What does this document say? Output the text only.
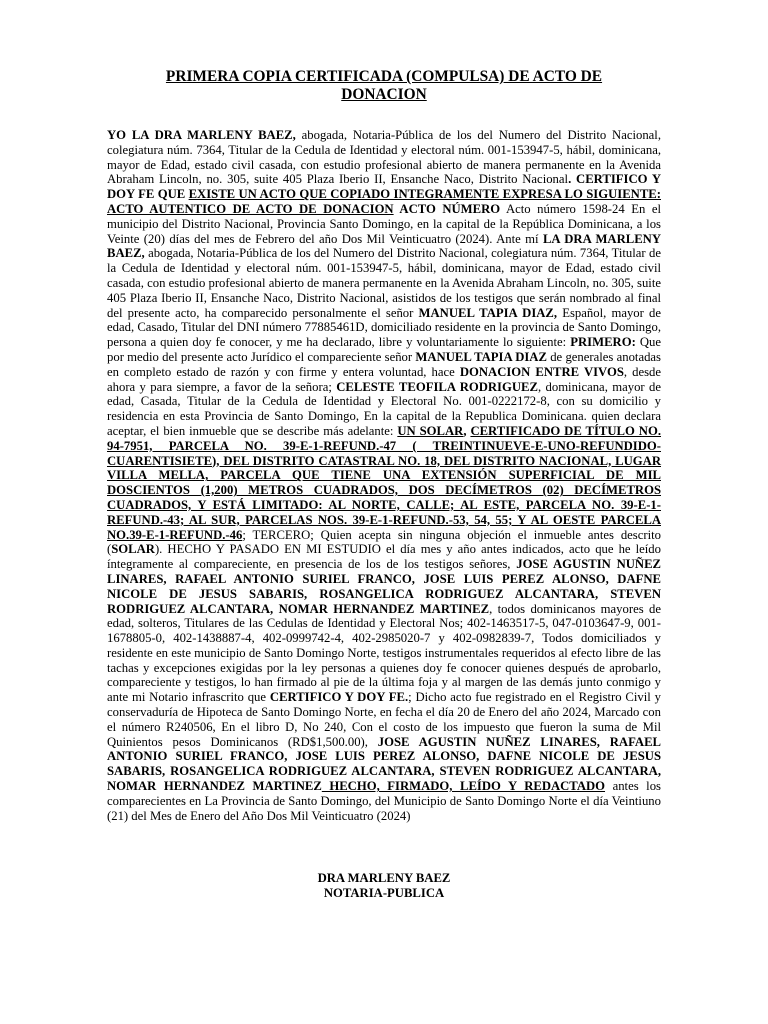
PRIMERA COPIA CERTIFICADA (COMPULSA) DE ACTO DE
DONACION

YO LA DRA MARLENY BAEZ, abogada, Notaria-Pública de los del Numero del Distrito Nacional, colegiatura núm. 7364, Titular de la Cedula de Identidad y electoral núm. 001-153947-5, hábil, dominicana, mayor de Edad, estado civil casada, con estudio profesional abierto de manera permanente en la Avenida Abraham Lincoln, no. 305, suite 405 Plaza Iberio II, Ensanche Naco, Distrito Nacional. CERTIFICO Y DOY FE QUE EXISTE UN ACTO QUE COPIADO INTEGRAMENTE EXPRESA LO SIGUIENTE: ACTO AUTENTICO DE ACTO DE DONACION ACTO NÚMERO Acto número 1598-24 En el municipio del Distrito Nacional, Provincia Santo Domingo, en la capital de la República Dominicana, a los Veinte (20) días del mes de Febrero del año Dos Mil Veinticuatro (2024). Ante mí LA DRA MARLENY BAEZ, abogada, Notaria-Pública de los del Numero del Distrito Nacional, colegiatura núm. 7364, Titular de la Cedula de Identidad y electoral núm. 001-153947-5, hábil, dominicana, mayor de Edad, estado civil casada, con estudio profesional abierto de manera permanente en la Avenida Abraham Lincoln, no. 305, suite 405 Plaza Iberio II, Ensanche Naco, Distrito Nacional, asistidos de los testigos que serán nombrado al final del presente acto, ha comparecido personalmente el señor MANUEL TAPIA DIAZ, Español, mayor de edad, Casado, Titular del DNI número 77885461D, domiciliado residente en la provincia de Santo Domingo, persona a quien doy fe conocer, y me ha declarado, libre y voluntariamente lo siguiente: PRIMERO: Que por medio del presente acto Jurídico el compareciente señor MANUEL TAPIA DIAZ de generales anotadas en completo estado de razón y con firme y entera voluntad, hace DONACION ENTRE VIVOS, desde ahora y para siempre, a favor de la señora; CELESTE TEOFILA RODRIGUEZ, dominicana, mayor de edad, Casada, Titular de la Cedula de Identidad y Electoral No. 001-0222172-8, con su domicilio y residencia en esta Provincia de Santo Domingo, En la capital de la Republica Dominicana. quien declara aceptar, el bien inmueble que se describe más adelante: UN SOLAR, CERTIFICADO DE TÍTULO NO. 94-7951, PARCELA NO. 39-E-1-REFUND.-47 ( TREINTINUEVE-E-UNO-REFUNDIDO-CUARENTISIETE), DEL DISTRITO CATASTRAL NO. 18, DEL DISTRITO NACIONAL, LUGAR VILLA MELLA, PARCELA QUE TIENE UNA EXTENSIÓN SUPERFICIAL DE MIL DOSCIENTOS (1,200) METROS CUADRADOS, DOS DECÍMETROS (02) DECÍMETROS CUADRADOS, Y ESTÁ LIMITADO: AL NORTE, CALLE; AL ESTE, PARCELA NO. 39-E-1-REFUND.-43; AL SUR, PARCELAS NOS. 39-E-1-REFUND.-53, 54, 55; Y AL OESTE PARCELA NO.39-E-1-REFUND.-46; TERCERO; Quien acepta sin ninguna objeción el inmueble antes descrito (SOLAR). HECHO Y PASADO EN MI ESTUDIO el día mes y año antes indicados, acto que he leído íntegramente al compareciente, en presencia de los de los testigos señores, JOSE AGUSTIN NUÑEZ LINARES, RAFAEL ANTONIO SURIEL FRANCO, JOSE LUIS PEREZ ALONSO, DAFNE NICOLE DE JESUS SABARIS, ROSANGELICA RODRIGUEZ ALCANTARA, STEVEN RODRIGUEZ ALCANTARA, NOMAR HERNANDEZ MARTINEZ, todos dominicanos mayores de edad, solteros, Titulares de las Cedulas de Identidad y Electoral Nos; 402-1463517-5, 047-0103647-9, 001-1678805-0, 402-1438887-4, 402-0999742-4, 402-2985020-7 y 402-0982839-7, Todos domiciliados y residente en este municipio de Santo Domingo Norte, testigos instrumentales requeridos al efecto libre de las tachas y excepciones exigidas por la ley personas a quienes doy fe conocer quienes después de aprobarlo, compareciente y testigos, lo han firmado al pie de la última foja y al margen de las demás junto conmigo y ante mi Notario infrascrito que CERTIFICO Y DOY FE.; Dicho acto fue registrado en el Registro Civil y conservaduría de Hipoteca de Santo Domingo Norte, en fecha el día 20 de Enero del año 2024, Marcado con el número R240506, En el libro D, No 240, Con el costo de los impuesto que fueron la suma de Mil Quinientos pesos Dominicanos (RD$1,500.00), JOSE AGUSTIN NUÑEZ LINARES, RAFAEL ANTONIO SURIEL FRANCO, JOSE LUIS PEREZ ALONSO, DAFNE NICOLE DE JESUS SABARIS, ROSANGELICA RODRIGUEZ ALCANTARA, STEVEN RODRIGUEZ ALCANTARA, NOMAR HERNANDEZ MARTINEZ HECHO, FIRMADO, LEÍDO Y REDACTADO antes los comparecientes en La Provincia de Santo Domingo, del Municipio de Santo Domingo Norte el día Veintiuno (21) del Mes de Enero del Año Dos Mil Veinticuatro (2024)

DRA MARLENY BAEZ
NOTARIA-PUBLICA
